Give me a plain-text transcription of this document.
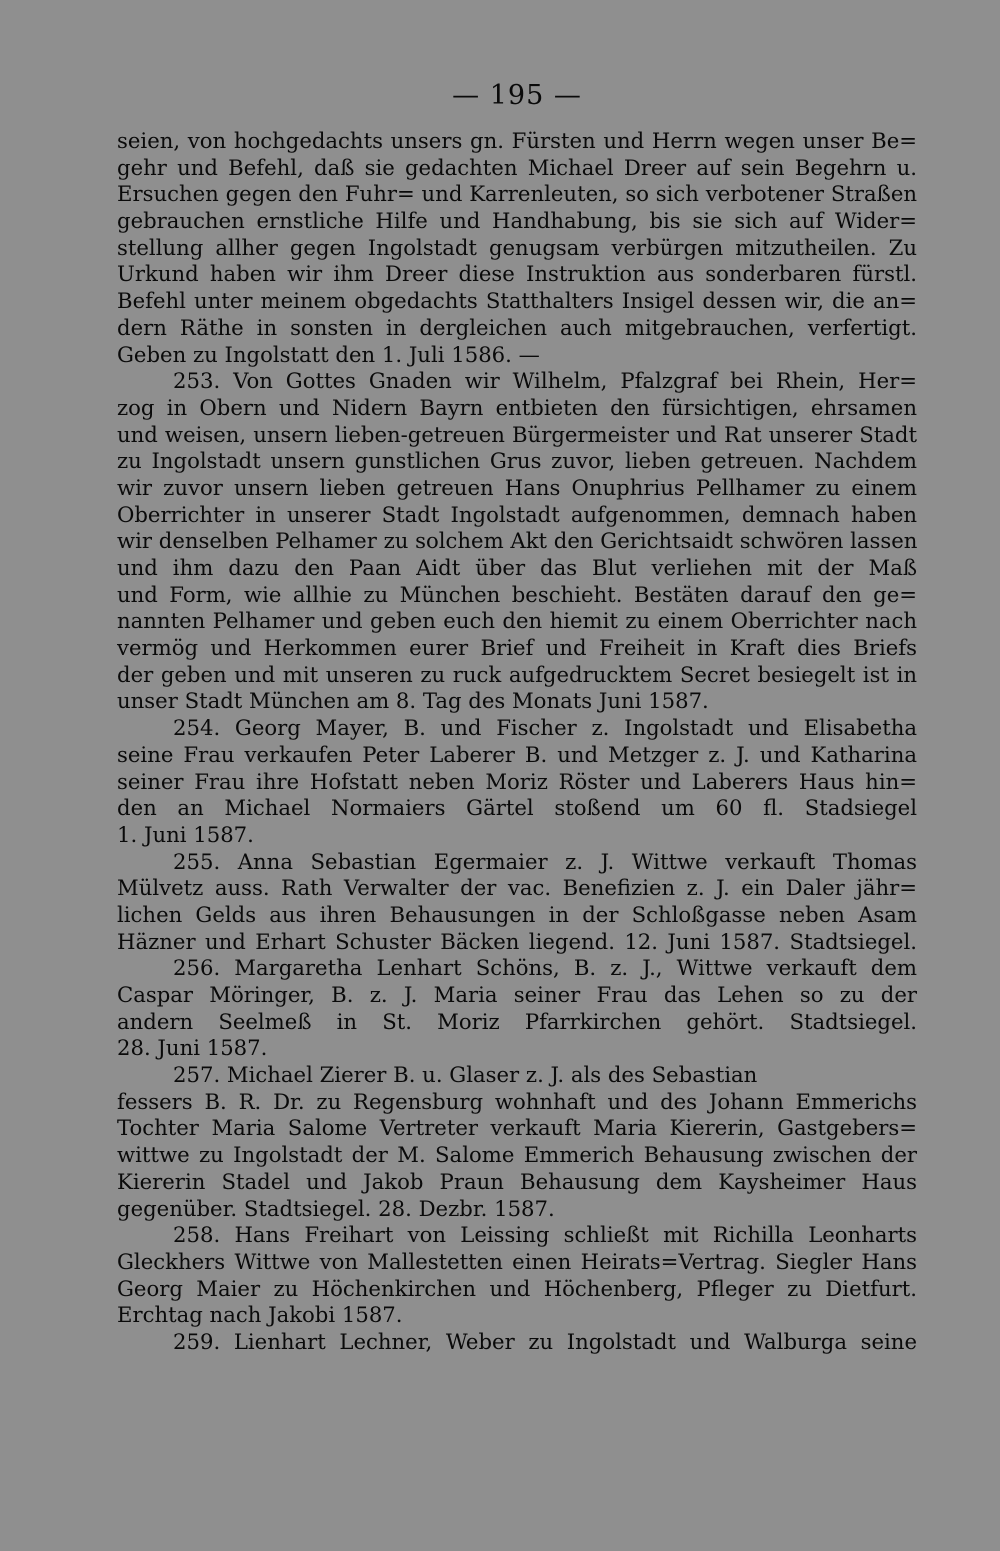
— 195 —
seien, von hochgedachts unsers gn. Fürsten und Herrn wegen unser Be=
gehr und Befehl, daß sie gedachten Michael Dreer auf sein Begehrn u.
Ersuchen gegen den Fuhr= und Karrenleuten, so sich verbotener Straßen
gebrauchen ernstliche Hilfe und Handhabung, bis sie sich auf Wider=
stellung allher gegen Ingolstadt genugsam verbürgen mitzutheilen. Zu
Urkund haben wir ihm Dreer diese Instruktion aus sonderbaren fürstl.
Befehl unter meinem obgedachts Statthalters Insigel dessen wir, die an=
dern Räthe in sonsten in dergleichen auch mitgebrauchen, verfertigt.
Geben zu Ingolstatt den 1. Juli 1586. —
253. Von Gottes Gnaden wir Wilhelm, Pfalzgraf bei Rhein, Her=
zog in Obern und Nidern Bayrn entbieten den fürsichtigen, ehrsamen
und weisen, unsern lieben-getreuen Bürgermeister und Rat unserer Stadt
zu Ingolstadt unsern gunstlichen Grus zuvor, lieben getreuen. Nachdem
wir zuvor unsern lieben getreuen Hans Onuphrius Pellhamer zu einem
Oberrichter in unserer Stadt Ingolstadt aufgenommen, demnach haben
wir denselben Pelhamer zu solchem Akt den Gerichtsaidt schwören lassen
und ihm dazu den Paan Aidt über das Blut verliehen mit der Maß
und Form, wie allhie zu München beschieht. Bestäten darauf den ge=
nannten Pelhamer und geben euch den hiemit zu einem Oberrichter nach
vermög und Herkommen eurer Brief und Freiheit in Kraft dies Briefs
der geben und mit unseren zu ruck aufgedrucktem Secret besiegelt ist in
unser Stadt München am 8. Tag des Monats Juni 1587.
254. Georg Mayer, B. und Fischer z. Ingolstadt und Elisabetha
seine Frau verkaufen Peter Laberer B. und Metzger z. J. und Katharina
seiner Frau ihre Hofstatt neben Moriz Röster und Laberers Haus hin=
den an Michael Normaiers Gärtel stoßend um 60 fl. Stadsiegel
1. Juni 1587.
255. Anna Sebastian Egermaier z. J. Wittwe verkauft Thomas
Mülvetz auss. Rath Verwalter der vac. Benefizien z. J. ein Daler jähr=
lichen Gelds aus ihren Behausungen in der Schloßgasse neben Asam
Häzner und Erhart Schuster Bäcken liegend. 12. Juni 1587. Stadtsiegel.
256. Margaretha Lenhart Schöns, B. z. J., Wittwe verkauft dem
Caspar Möringer, B. z. J. Maria seiner Frau das Lehen so zu der
andern Seelmeß in St. Moriz Pfarrkirchen gehört. Stadtsiegel.
28. Juni 1587.
257. Michael Zierer B. u. Glaser z. J. als des Sebastian
fessers B. R. Dr. zu Regensburg wohnhaft und des Johann Emmerichs
Tochter Maria Salome Vertreter verkauft Maria Kiererin, Gastgebers=
wittwe zu Ingolstadt der M. Salome Emmerich Behausung zwischen der
Kiererin Stadel und Jakob Praun Behausung dem Kaysheimer Haus
gegenüber. Stadtsiegel. 28. Dezbr. 1587.
258. Hans Freihart von Leissing schließt mit Richilla Leonharts
Gleckhers Wittwe von Mallestetten einen Heirats=Vertrag. Siegler Hans
Georg Maier zu Höchenkirchen und Höchenberg, Pfleger zu Dietfurt.
Erchtag nach Jakobi 1587.
259. Lienhart Lechner, Weber zu Ingolstadt und Walburga seine
